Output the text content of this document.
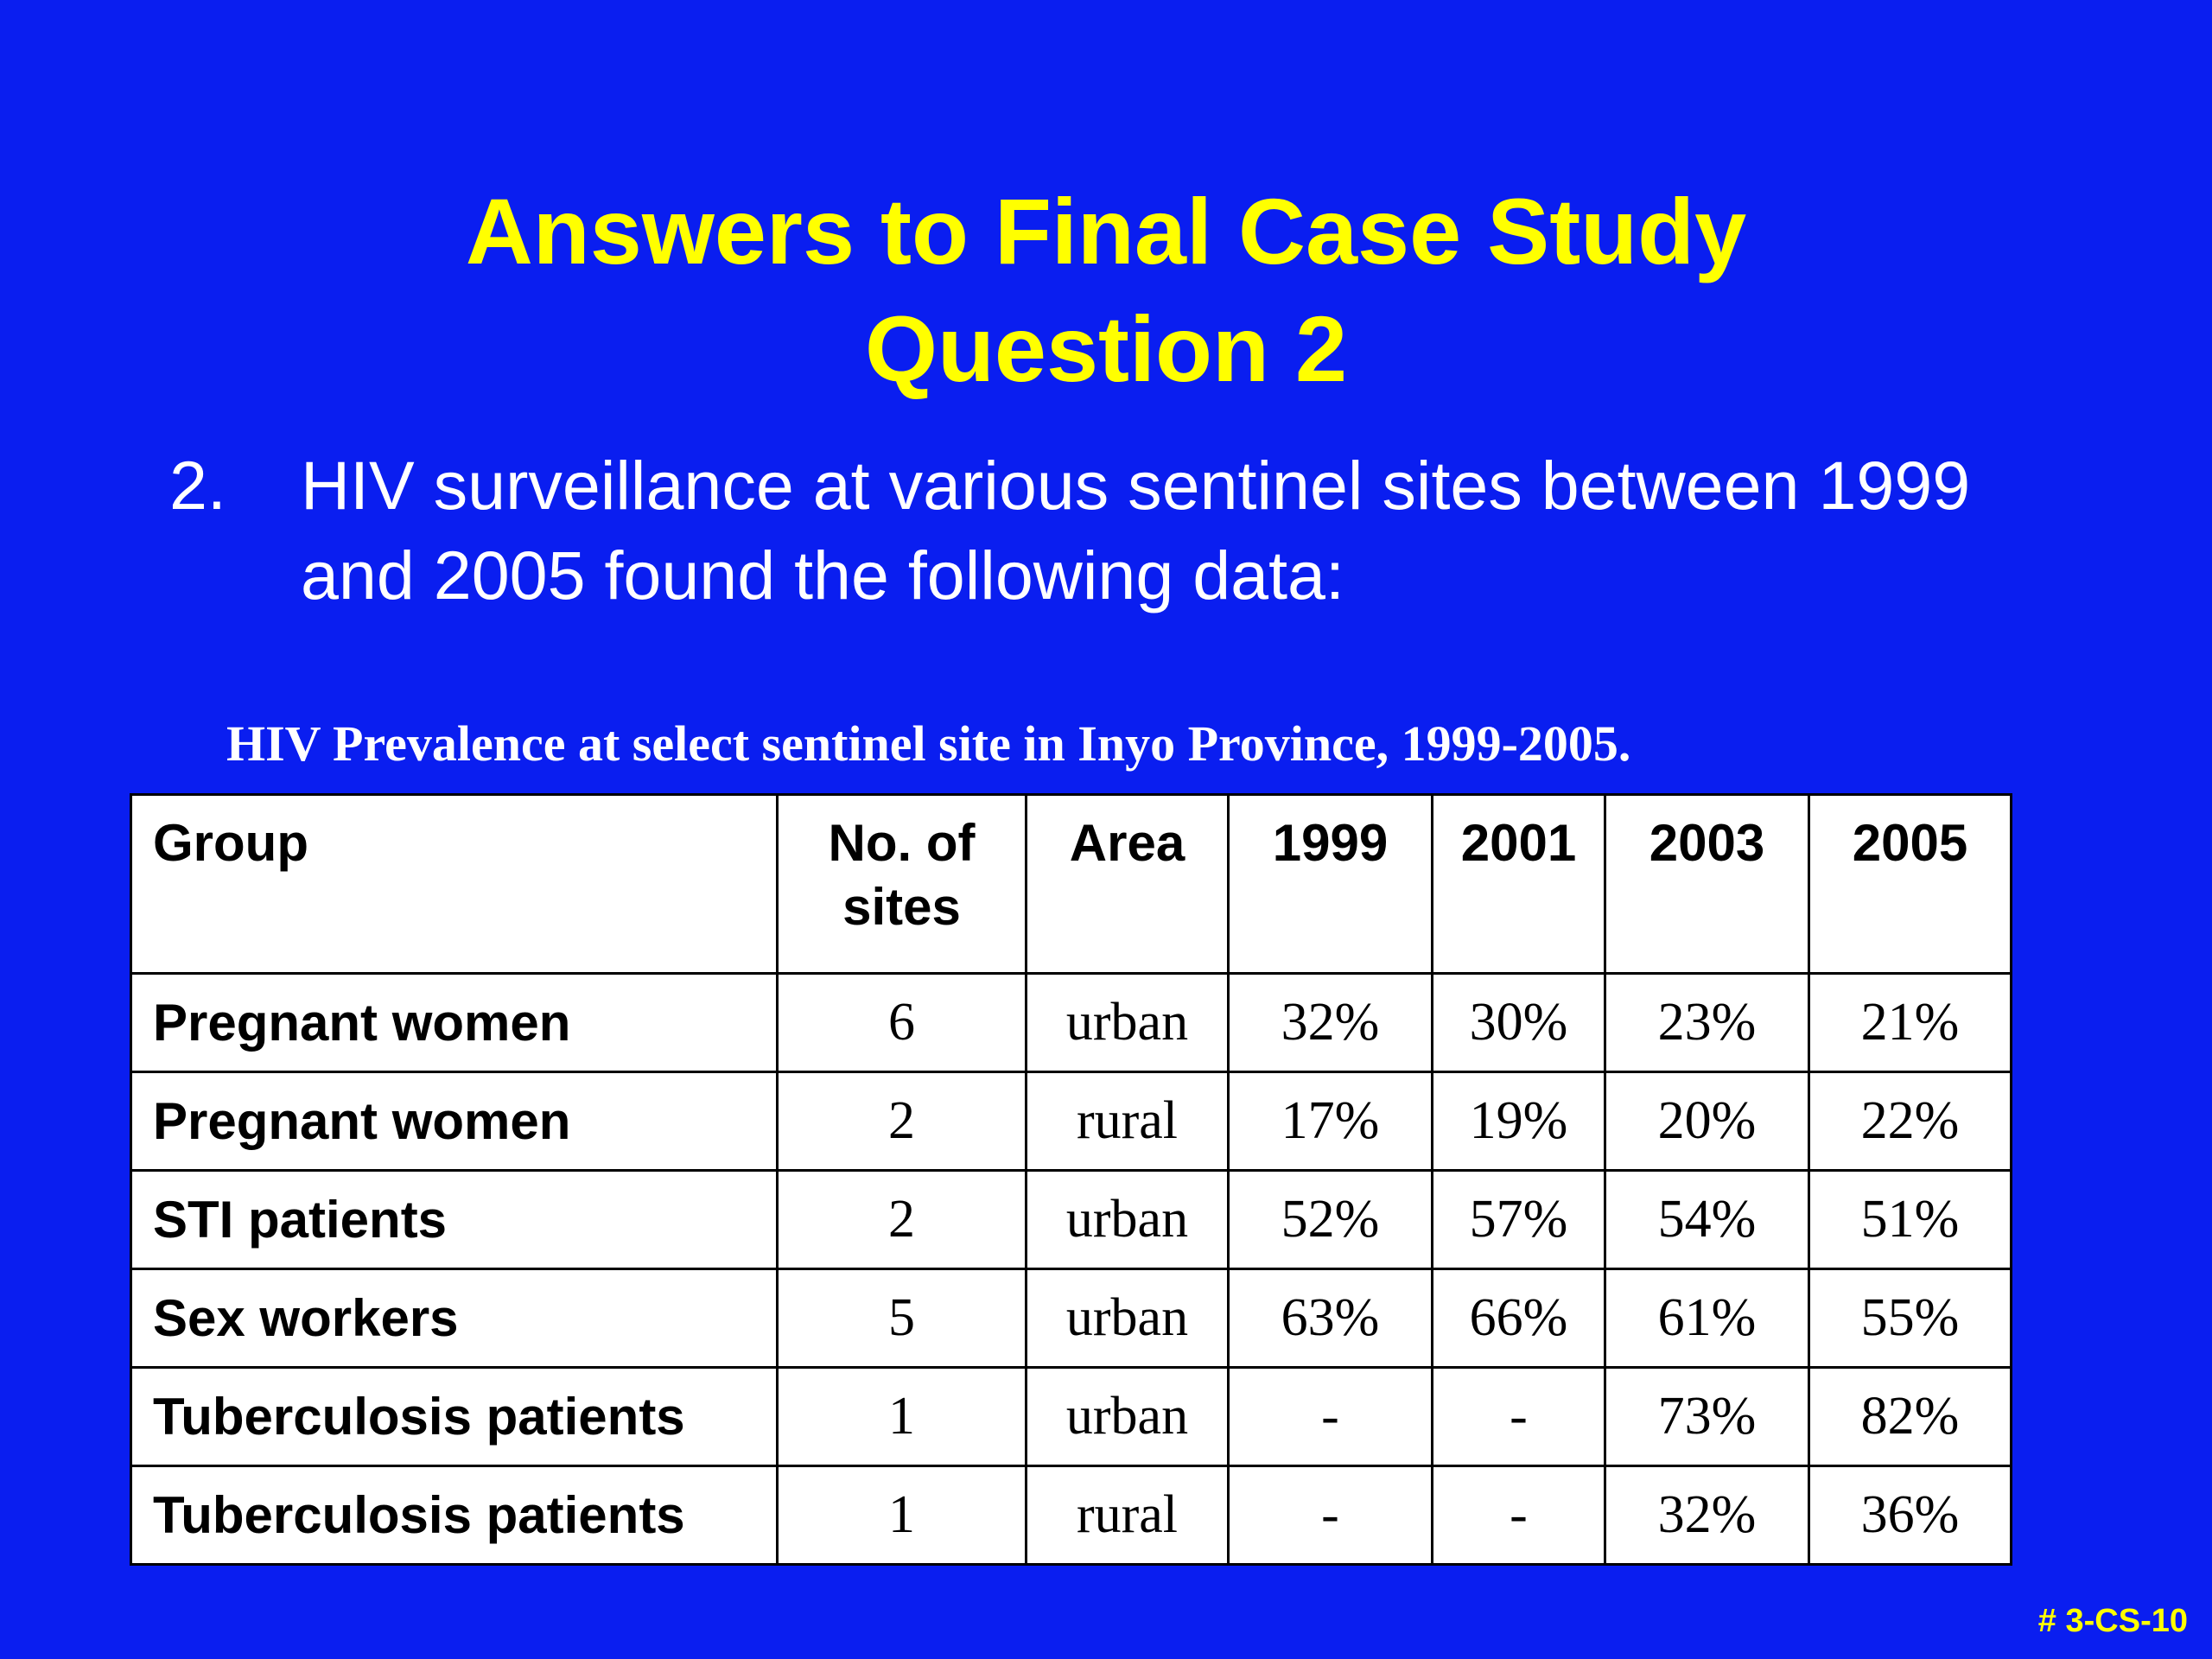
Answers to Final Case Study
Question 2
2. HIV surveillance at various sentinel sites between 1999 and 2005 found the following data:
HIV Prevalence at select sentinel site in Inyo Province, 1999-2005.
Group	No. of sites	Area	1999	2001	2003	2005
Pregnant women	6	urban	32%	30%	23%	21%
Pregnant women	2	rural	17%	19%	20%	22%
STI patients	2	urban	52%	57%	54%	51%
Sex workers	5	urban	63%	66%	61%	55%
Tuberculosis patients	1	urban	-	-	73%	82%
Tuberculosis patients	1	rural	-	-	32%	36%
# 3-CS-10
